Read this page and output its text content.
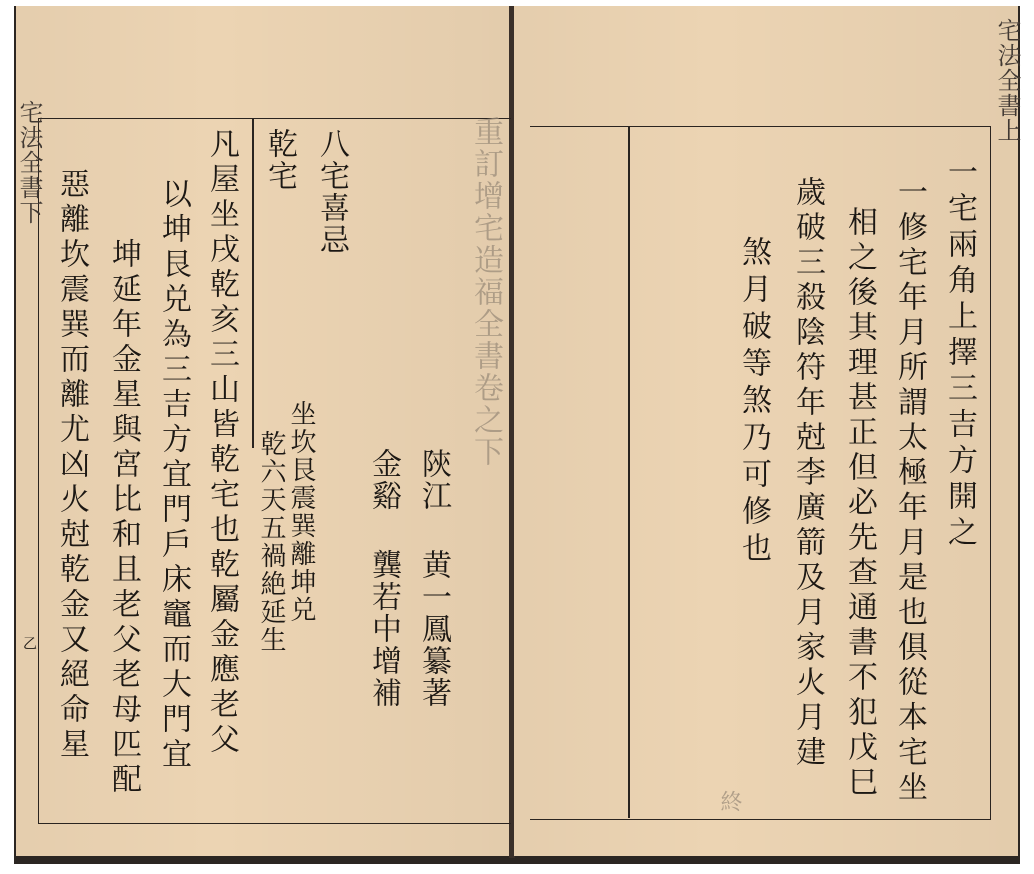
宅法全書下
乙
重訂增宅造福全書卷之下
陝江 黄一鳳纂著
金谿 龔若中增補
八宅喜忌
乾宅
坐坎艮震巽離坤兑
乾六天五禍絶延生
凡屋坐戌乾亥三山皆乾宅也乾屬金應老父
以坤艮兑為三吉方宜門戶床竈而大門宜
坤延年金星與宮比和且老父老母匹配
惡離坎震巽而離尤凶火尅乾金又絕命星
宅法全書上
一宅兩角上擇三吉方開之
一修宅年月所謂太極年月是也俱從本宅坐
相之後其理甚正但必先查通書不犯戊巳
歲破三殺陰符年尅李廣箭及月家火月建
煞月破等煞乃可修也
終
